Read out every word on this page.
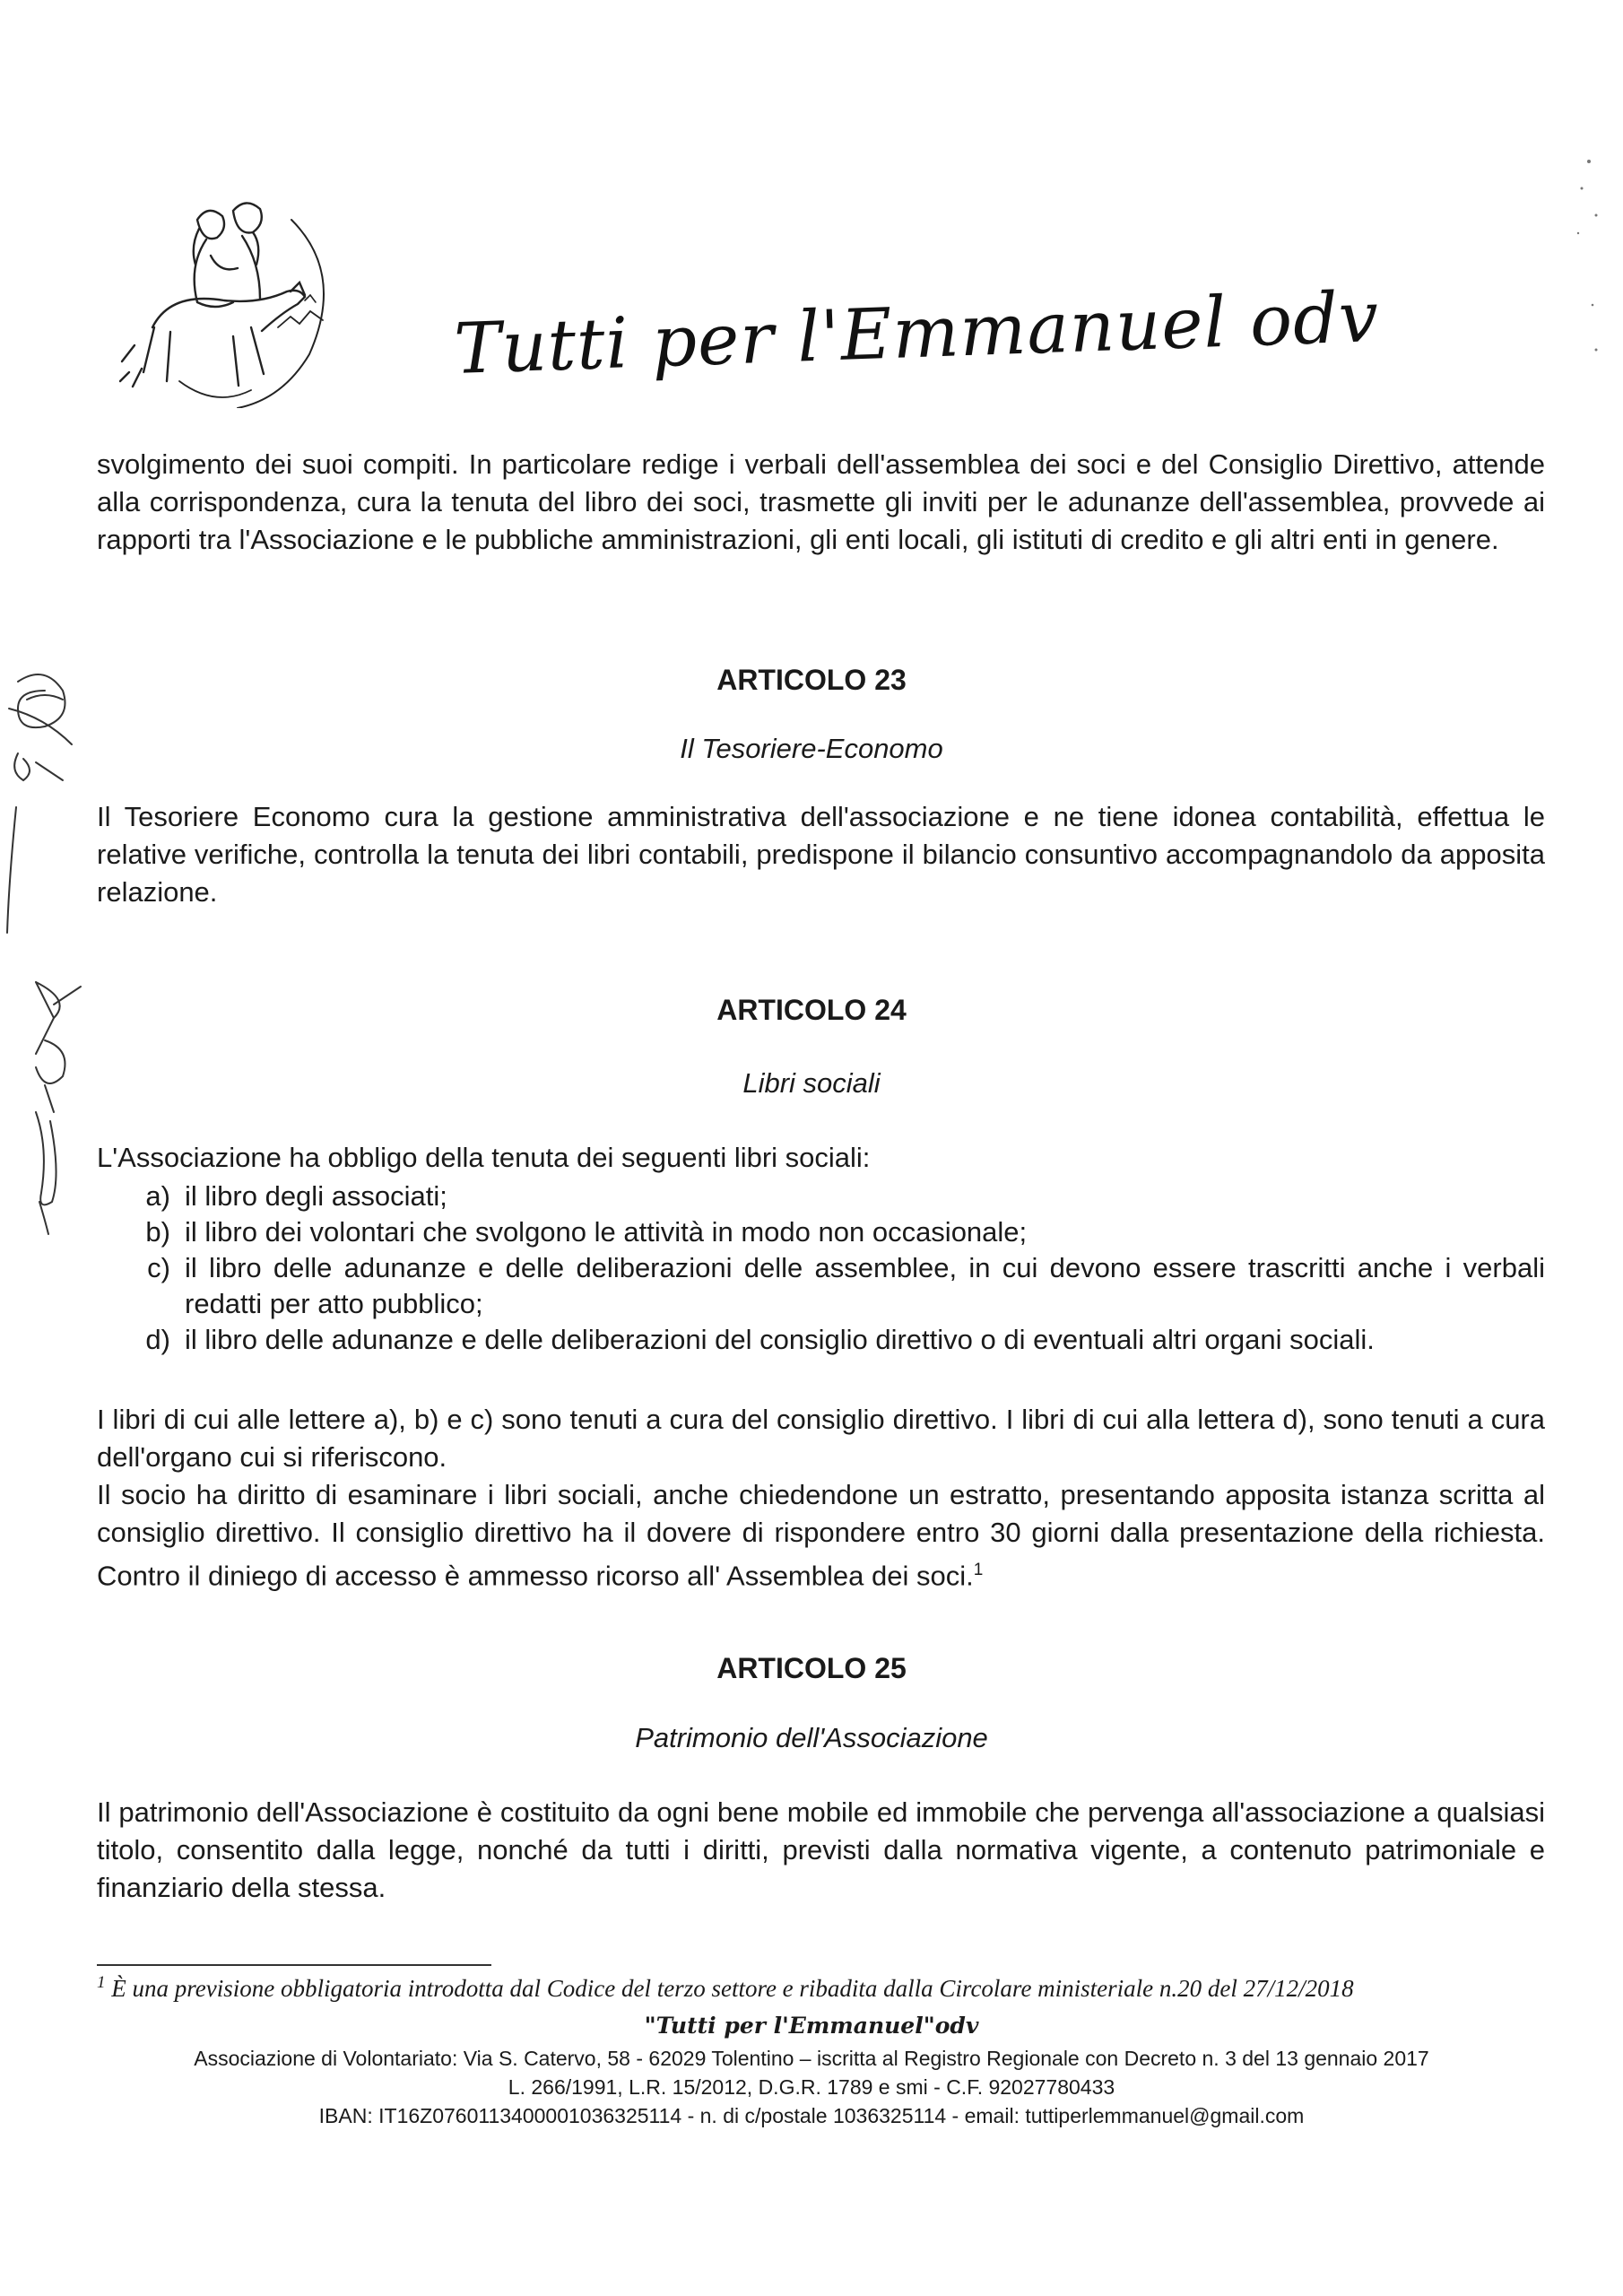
Tutti per l'Emmanuel odv
svolgimento dei suoi compiti. In particolare redige i verbali dell'assemblea dei soci e del Consiglio Direttivo, attende alla corrispondenza, cura la tenuta del libro dei soci, trasmette gli inviti per le adunanze dell'assemblea, provvede ai rapporti tra l'Associazione e le pubbliche amministrazioni, gli enti locali, gli istituti di credito e gli altri enti in genere.
ARTICOLO 23
Il Tesoriere-Economo
Il Tesoriere Economo cura la gestione amministrativa dell'associazione e ne tiene idonea contabilità, effettua le relative verifiche, controlla la tenuta dei libri contabili, predispone il bilancio consuntivo accompagnandolo da apposita relazione.
ARTICOLO 24
Libri sociali
L'Associazione ha obbligo della tenuta dei seguenti libri sociali:
a) il libro degli associati;
b) il libro dei volontari che svolgono le attività in modo non occasionale;
c) il libro delle adunanze e delle deliberazioni delle assemblee, in cui devono essere trascritti anche i verbali redatti per atto pubblico;
d) il libro delle adunanze e delle deliberazioni del consiglio direttivo o di eventuali altri organi sociali.
I libri di cui alle lettere a), b) e c) sono tenuti a cura del consiglio direttivo. I libri di cui alla lettera d), sono tenuti a cura dell'organo cui si riferiscono.
Il socio ha diritto di esaminare i libri sociali, anche chiedendone un estratto, presentando apposita istanza scritta al consiglio direttivo. Il consiglio direttivo ha il dovere di rispondere entro 30 giorni dalla presentazione della richiesta. Contro il diniego di accesso è ammesso ricorso all' Assemblea dei soci.$^1$
ARTICOLO 25
Patrimonio dell'Associazione
Il patrimonio dell'Associazione è costituito da ogni bene mobile ed immobile che pervenga all'associazione a qualsiasi titolo, consentito dalla legge, nonché da tutti i diritti, previsti dalla normativa vigente, a contenuto patrimoniale e finanziario della stessa.
$^1$ È una previsione obbligatoria introdotta dal Codice del terzo settore e ribadita dalla Circolare ministeriale n.20 del 27/12/2018
"Tutti per l'Emmanuel"odv
Associazione di Volontariato: Via S. Catervo, 58 - 62029 Tolentino – iscritta al Registro Regionale con Decreto n. 3 del 13 gennaio 2017
L. 266/1991, L.R. 15/2012, D.G.R. 1789 e smi - C.F. 92027780433
IBAN: IT16Z0760113400001036325114 - n. di c/postale 1036325114 - email: tuttiperlemmanuel@gmail.com
